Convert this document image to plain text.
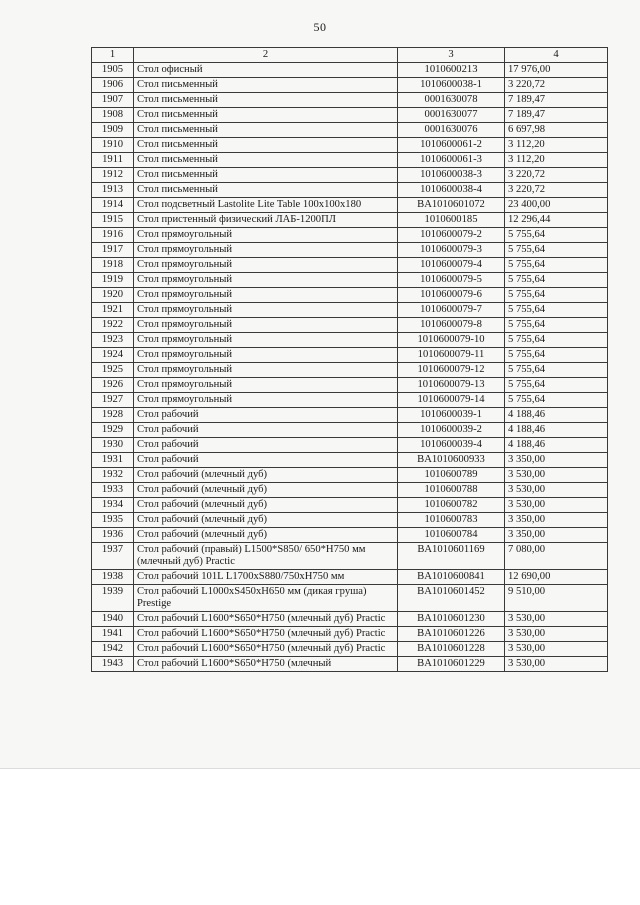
50
1	2	3	4
1905	Стол офисный	1010600213	17 976,00
1906	Стол письменный	1010600038-1	3 220,72
1907	Стол письменный	0001630078	7 189,47
1908	Стол письменный	0001630077	7 189,47
1909	Стол письменный	0001630076	6 697,98
1910	Стол письменный	1010600061-2	3 112,20
1911	Стол письменный	1010600061-3	3 112,20
1912	Стол письменный	1010600038-3	3 220,72
1913	Стол письменный	1010600038-4	3 220,72
1914	Стол подсветный Lastolite Lite Table 100x100x180	BA1010601072	23 400,00
1915	Стол пристенный физический ЛАБ-1200ПЛ	1010600185	12 296,44
1916	Стол прямоугольный	1010600079-2	5 755,64
1917	Стол прямоугольный	1010600079-3	5 755,64
1918	Стол прямоугольный	1010600079-4	5 755,64
1919	Стол прямоугольный	1010600079-5	5 755,64
1920	Стол прямоугольный	1010600079-6	5 755,64
1921	Стол прямоугольный	1010600079-7	5 755,64
1922	Стол прямоугольный	1010600079-8	5 755,64
1923	Стол прямоугольный	1010600079-10	5 755,64
1924	Стол прямоугольный	1010600079-11	5 755,64
1925	Стол прямоугольный	1010600079-12	5 755,64
1926	Стол прямоугольный	1010600079-13	5 755,64
1927	Стол прямоугольный	1010600079-14	5 755,64
1928	Стол рабочий	1010600039-1	4 188,46
1929	Стол рабочий	1010600039-2	4 188,46
1930	Стол рабочий	1010600039-4	4 188,46
1931	Стол рабочий	BA1010600933	3 350,00
1932	Стол рабочий (млечный дуб)	1010600789	3 530,00
1933	Стол рабочий (млечный дуб)	1010600788	3 530,00
1934	Стол рабочий (млечный дуб)	1010600782	3 530,00
1935	Стол рабочий (млечный дуб)	1010600783	3 350,00
1936	Стол рабочий (млечный дуб)	1010600784	3 350,00
1937	Стол рабочий (правый) L1500*S850/ 650*H750 мм (млечный дуб) Practic	BA1010601169	7 080,00
1938	Стол рабочий 101L L1700xS880/750xH750 мм	BA1010600841	12 690,00
1939	Стол рабочий L1000xS450xH650 мм (дикая груша) Prestige	BA1010601452	9 510,00
1940	Стол рабочий L1600*S650*H750 (млечный дуб) Practic	BA1010601230	3 530,00
1941	Стол рабочий L1600*S650*H750 (млечный дуб) Practic	BA1010601226	3 530,00
1942	Стол рабочий L1600*S650*H750 (млечный дуб) Practic	BA1010601228	3 530,00
1943	Стол рабочий L1600*S650*H750 (млечный	BA1010601229	3 530,00
